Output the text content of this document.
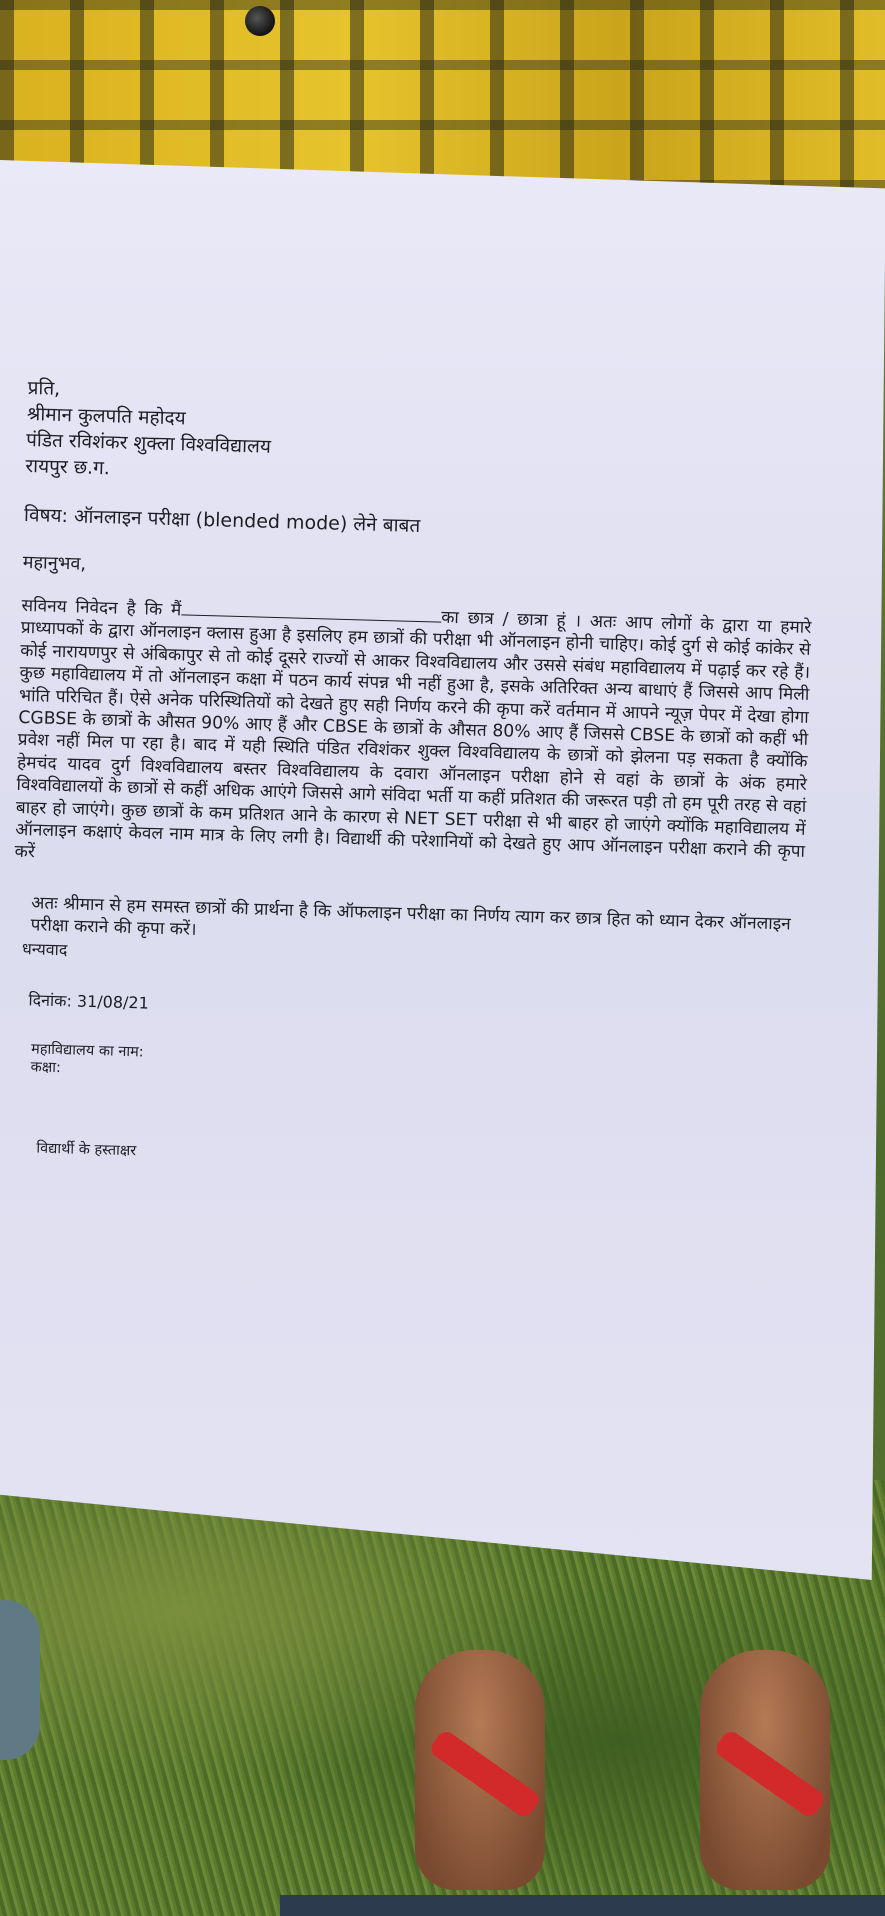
प्रति,

श्रीमान कुलपति महोदय

पंडित रविशंकर शुक्ला विश्वविद्यालय

रायपुर छ.ग.

विषय: ऑनलाइन परीक्षा (blended mode) लेने बाबत
महानुभव,
सविनय निवेदन है कि मैं	का छात्र / छात्रा हूं । अतः आप लोगों के द्वारा या हमारे प्राध्यापकों के द्वारा ऑनलाइन क्लास हुआ है इसलिए हम छात्रों की परीक्षा भी ऑनलाइन होनी चाहिए। कोई दुर्ग से कोई कांकेर से कोई नारायणपुर से अंबिकापुर से तो कोई दूसरे राज्यों से आकर विश्वविद्यालय और उससे संबंध महाविद्यालय में पढ़ाई कर रहे हैं। कुछ महाविद्यालय में तो ऑनलाइन कक्षा में पठन कार्य संपन्न भी नहीं हुआ है, इसके अतिरिक्त अन्य बाधाएं हैं जिससे आप मिली भांति परिचित हैं। ऐसे अनेक परिस्थितियों को देखते हुए सही निर्णय करने की कृपा करें वर्तमान में आपने न्यूज़ पेपर में देखा होगा CGBSE के छात्रों के औसत 90% आए हैं और CBSE के छात्रों के औसत 80% आए हैं जिससे CBSE के छात्रों को कहीं भी प्रवेश नहीं मिल पा रहा है। बाद में यही स्थिति पंडित रविशंकर शुक्ल विश्वविद्यालय के छात्रों को झेलना पड़ सकता है क्योंकि हेमचंद यादव दुर्ग विश्वविद्यालय बस्तर विश्वविद्यालय के दवारा ऑनलाइन परीक्षा होने से वहां के छात्रों के अंक हमारे विश्वविद्यालयों के छात्रों से कहीं अधिक आएंगे जिससे आगे संविदा भर्ती या कहीं प्रतिशत की जरूरत पड़ी तो हम पूरी तरह से वहां बाहर हो जाएंगे। कुछ छात्रों के कम प्रतिशत आने के कारण से NET SET परीक्षा से भी बाहर हो जाएंगे क्योंकि महाविद्यालय में ऑनलाइन कक्षाएं केवल नाम मात्र के लिए लगी है। विद्यार्थी की परेशानियों को देखते हुए आप ऑनलाइन परीक्षा कराने की कृपा करें
अतः श्रीमान से हम समस्त छात्रों की प्रार्थना है कि ऑफलाइन परीक्षा का निर्णय त्याग कर छात्र हित को ध्यान देकर ऑनलाइन परीक्षा कराने की कृपा करें।
धन्यवाद
दिनांक: 31/08/21
महाविद्यालय का नाम:
कक्षा:
विद्यार्थी के हस्ताक्षर
